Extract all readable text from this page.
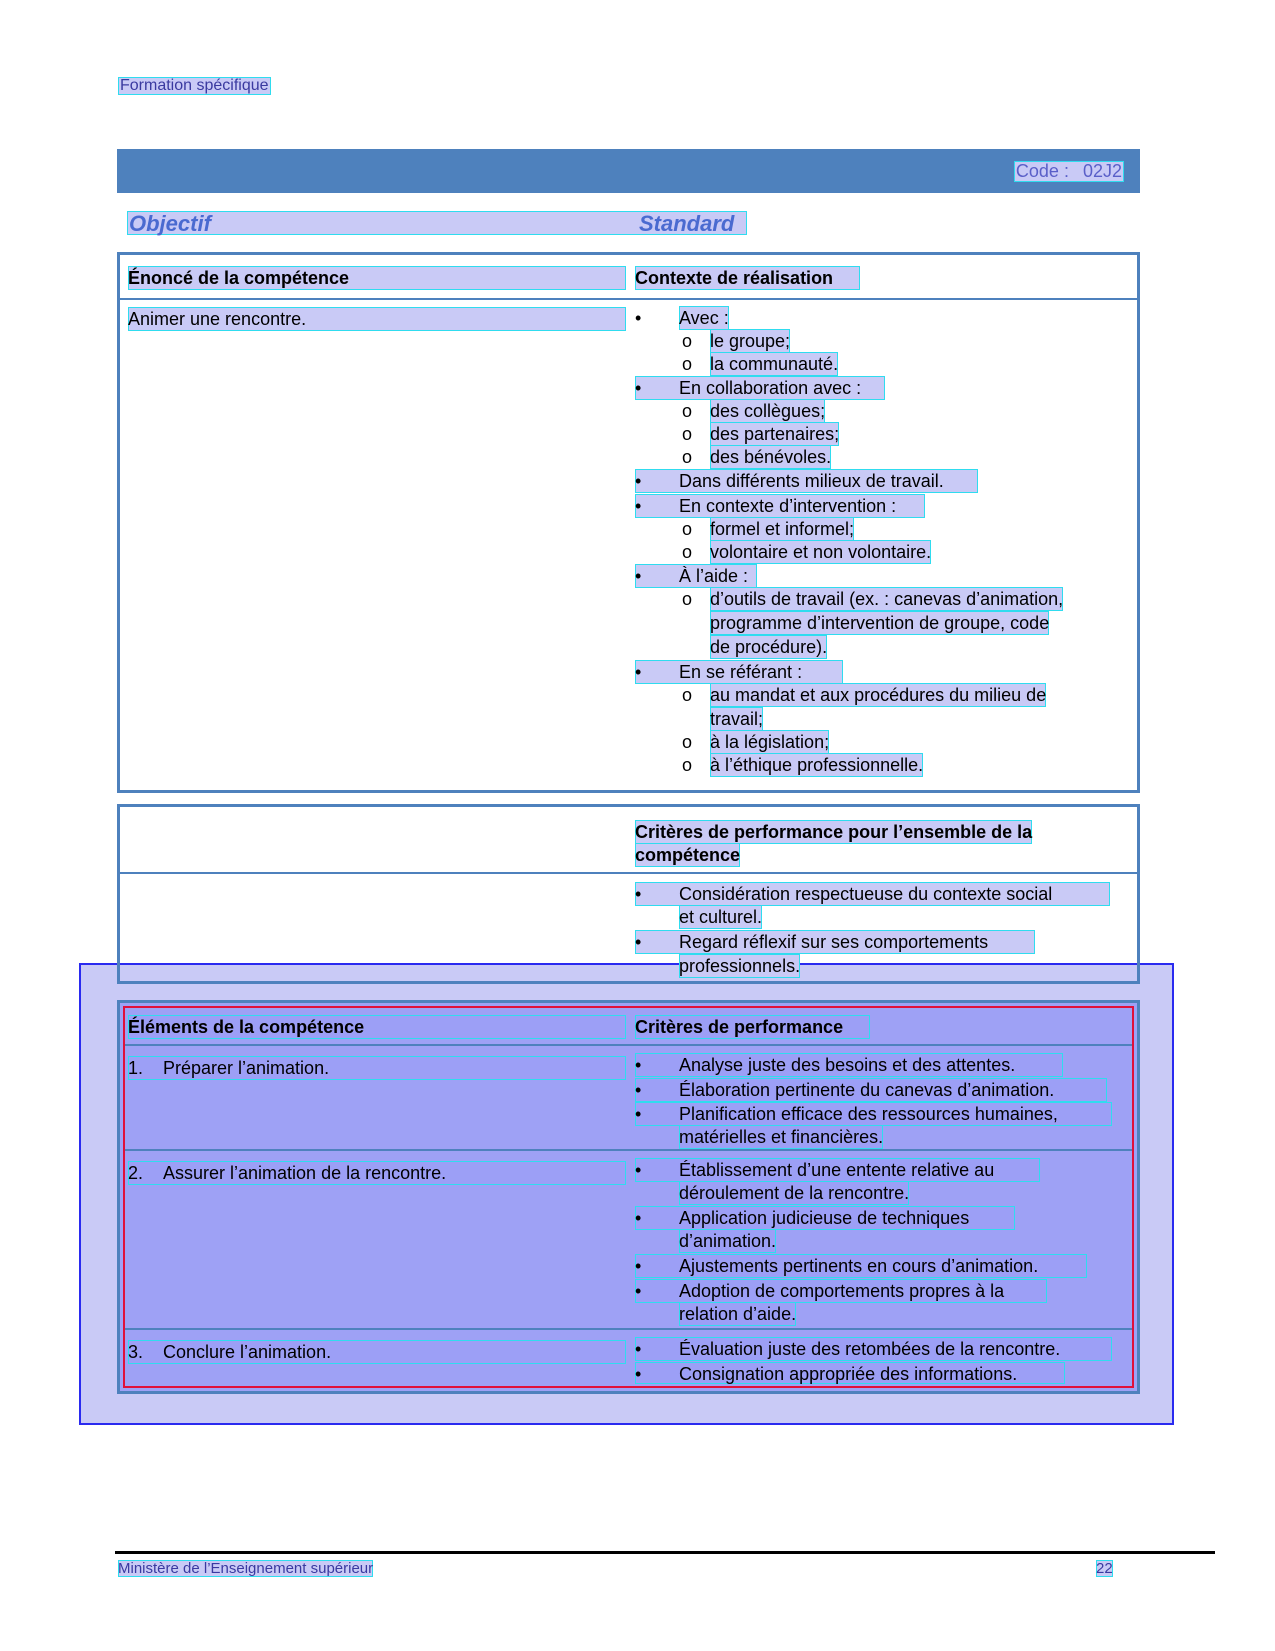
Formation spécifique
Code : 02J2
Objectif	Standard
Énoncé de la compétence	Contexte de réalisation
Animer une rencontre.	•	Avec :
o le groupe;
o la communauté.
•	En collaboration avec :
o des collègues;
o des partenaires;
o des bénévoles.
•	Dans différents milieux de travail.
•	En contexte d’intervention :
o formel et informel;
o volontaire et non volontaire.
•	À l’aide :
o d’outils de travail (ex. : canevas d’animation,
programme d’intervention de groupe, code
de procédure).
•	En se référant :
o au mandat et aux procédures du milieu de
travail;
o à la législation;
o à l’éthique professionnelle.
Critères de performance pour l’ensemble de la
compétence
•	Considération respectueuse du contexte social
et culturel.
•	Regard réflexif sur ses comportements
professionnels.
Éléments de la compétence	Critères de performance
1. Préparer l’animation.	•	Analyse juste des besoins et des attentes.
•	Élaboration pertinente du canevas d’animation.
•	Planification efficace des ressources humaines,
matérielles et financières.
2. Assurer l’animation de la rencontre.	•	Établissement d’une entente relative au
déroulement de la rencontre.
•	Application judicieuse de techniques
d’animation.
•	Ajustements pertinents en cours d’animation.
•	Adoption de comportements propres à la
relation d’aide.
3. Conclure l’animation.	•	Évaluation juste des retombées de la rencontre.
•	Consignation appropriée des informations.
Ministère de l’Enseignement supérieur	22
